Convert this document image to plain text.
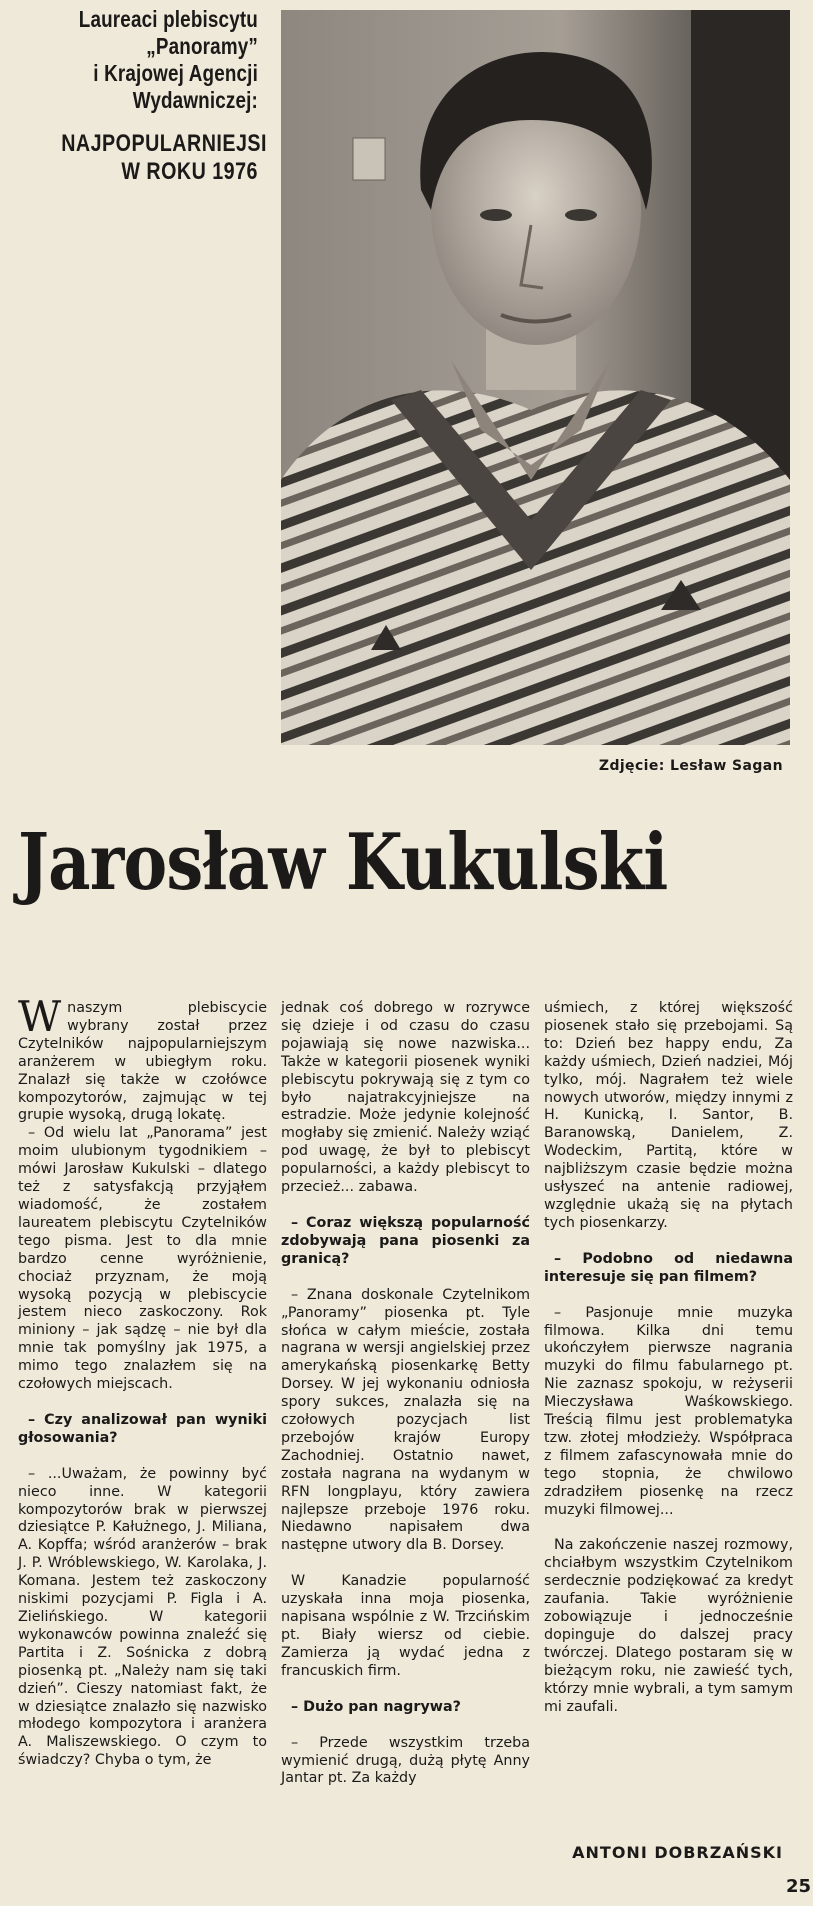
Laureaci plebiscytu
„Panoramy”
i Krajowej Agencji
Wydawniczej:
NAJPOPULARNIEJSI
W ROKU 1976
Zdjęcie: Lesław Sagan
Jarosław Kukulski

Wnaszym plebiscycie wybrany został przez Czytelników najpopularniejszym aranżerem w ubiegłym roku. Znalazł się także w czołówce kompozytorów, zajmując w tej grupie wysoką, drugą lokatę.

– Od wielu lat „Panorama” jest moim ulubionym tygodnikiem – mówi Jarosław Kukulski – dlatego też z satysfakcją przyjąłem wiadomość, że zostałem laureatem plebiscytu Czytelników tego pisma. Jest to dla mnie bardzo cenne wyróżnienie, chociaż przyznam, że moją wysoką pozycją w plebiscycie jestem nieco zaskoczony. Rok miniony – jak sądzę – nie był dla mnie tak pomyślny jak 1975, a mimo tego znalazłem się na czołowych miejscach.

– Czy analizował pan wyniki głosowania?

– ...Uważam, że powinny być nieco inne. W kategorii kompozytorów brak w pierwszej dziesiątce P. Kałużnego, J. Miliana, A. Kopffa; wśród aranżerów – brak J. P. Wróblewskiego, W. Karolaka, J. Komana. Jestem też zaskoczony niskimi pozycjami P. Figla i A. Zielińskiego. W kategorii wykonawców powinna znaleźć się Partita i Z. Sośnicka z dobrą piosenką pt. „Należy nam się taki dzień”. Cieszy natomiast fakt, że w dziesiątce znalazło się nazwisko młodego kompozytora i aranżera A. Maliszewskiego. O czym to świadczy? Chyba o tym, że

jednak coś dobrego w rozrywce się dzieje i od czasu do czasu pojawiają się nowe nazwiska... Także w kategorii piosenek wyniki plebiscytu pokrywają się z tym co było najatrakcyjniejsze na estradzie. Może jedynie kolejność mogłaby się zmienić. Należy wziąć pod uwagę, że był to plebiscyt popularności, a każdy plebiscyt to przecież... zabawa.

– Coraz większą popularność zdobywają pana piosenki za granicą?

– Znana doskonale Czytelnikom „Panoramy” piosenka pt. Tyle słońca w całym mieście, została nagrana w wersji angielskiej przez amerykańską piosenkarkę Betty Dorsey. W jej wykonaniu odniosła spory sukces, znalazła się na czołowych pozycjach list przebojów krajów Europy Zachodniej. Ostatnio nawet, została nagrana na wydanym w RFN longplayu, który zawiera najlepsze przeboje 1976 roku. Niedawno napisałem dwa następne utwory dla B. Dorsey.

W Kanadzie popularność uzyskała inna moja piosenka, napisana wspólnie z W. Trzcińskim pt. Biały wiersz od ciebie. Zamierza ją wydać jedna z francuskich firm.

– Dużo pan nagrywa?

– Przede wszystkim trzeba wymienić drugą, dużą płytę Anny Jantar pt. Za każdy

uśmiech, z której większość piosenek stało się przebojami. Są to: Dzień bez happy endu, Za każdy uśmiech, Dzień nadziei, Mój tylko, mój. Nagrałem też wiele nowych utworów, między innymi z H. Kunicką, I. Santor, B. Baranowską, Danielem, Z. Wodeckim, Partitą, które w najbliższym czasie będzie można usłyszeć na antenie radiowej, względnie ukażą się na płytach tych piosenkarzy.

– Podobno od niedawna interesuje się pan filmem?

– Pasjonuje mnie muzyka filmowa. Kilka dni temu ukończyłem pierwsze nagrania muzyki do filmu fabularnego pt. Nie zaznasz spokoju, w reżyserii Mieczysława Waśkowskiego. Treścią filmu jest problematyka tzw. złotej młodzieży. Współpraca z filmem zafascynowała mnie do tego stopnia, że chwilowo zdradziłem piosenkę na rzecz muzyki filmowej...

Na zakończenie naszej rozmowy, chciałbym wszystkim Czytelnikom serdecznie podziękować za kredyt zaufania. Takie wyróżnienie zobowiązuje i jednocześnie dopinguje do dalszej pracy twórczej. Dlatego postaram się w bieżącym roku, nie zawieść tych, którzy mnie wybrali, a tym samym mi zaufali.

ANTONI DOBRZAŃSKI
25
